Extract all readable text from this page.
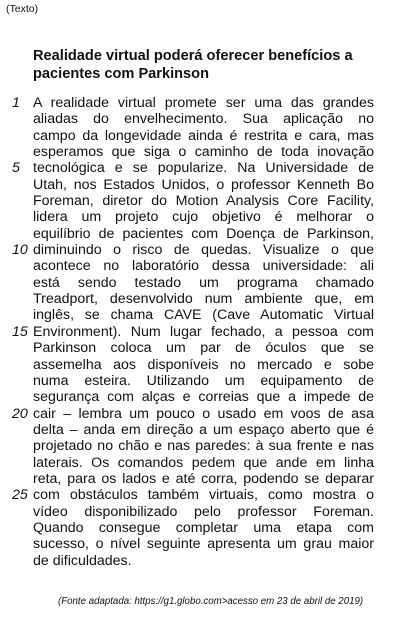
(Texto)
Realidade virtual poderá oferecer benefícios a pacientes com Parkinson
1 A realidade virtual promete ser uma das grandes
aliadas do envelhecimento. Sua aplicação no
campo da longevidade ainda é restrita e cara, mas
esperamos que siga o caminho de toda inovação
5 tecnológica e se popularize. Na Universidade de
Utah, nos Estados Unidos, o professor Kenneth Bo
Foreman, diretor do Motion Analysis Core Facility,
lidera um projeto cujo objetivo é melhorar o
equilíbrio de pacientes com Doença de Parkinson,
10 diminuindo o risco de quedas. Visualize o que
acontece no laboratório dessa universidade: ali
está sendo testado um programa chamado
Treadport, desenvolvido num ambiente que, em
inglês, se chama CAVE (Cave Automatic Virtual
15 Environment). Num lugar fechado, a pessoa com
Parkinson coloca um par de óculos que se
assemelha aos disponíveis no mercado e sobe
numa esteira. Utilizando um equipamento de
segurança com alças e correias que a impede de
20 cair – lembra um pouco o usado em voos de asa
delta – anda em direção a um espaço aberto que é
projetado no chão e nas paredes: à sua frente e nas
laterais. Os comandos pedem que ande em linha
reta, para os lados e até corra, podendo se deparar
25 com obstáculos também virtuais, como mostra o
vídeo disponibilizado pelo professor Foreman.
Quando consegue completar uma etapa com
sucesso, o nível seguinte apresenta um grau maior
de dificuldades.
(Fonte adaptada: https://g1.globo.com>acesso em 23 de abril de 2019)
